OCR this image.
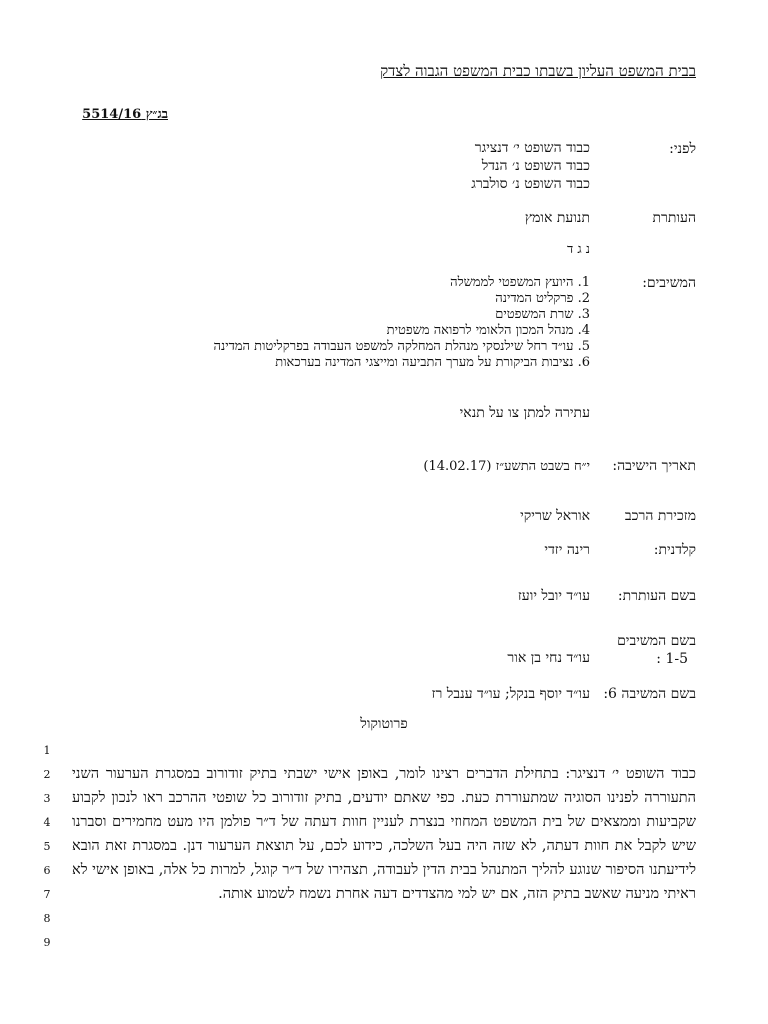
בבית המשפט העליון בשבתו כבית המשפט הגבוה לצדק
בג״ץ 5514/16
לפני:
כבוד השופט י׳ דנציגר
כבוד השופט נ׳ הנדל
כבוד השופט נ׳ סולברג
העותרת
תנועת אומץ
נ ג ד
המשיבים:
1. היועץ המשפטי לממשלה
2. פרקליט המדינה
3. שרת המשפטים
4. מנהל המכון הלאומי לרפואה משפטית
5. עו״ד רחל שילנסקי מנהלת המחלקה למשפט העבודה בפרקליטות המדינה
6. נציבות הביקורת על מערך התביעה ומייצגי המדינה בערכאות
עתירה למתן צו על תנאי
תאריך הישיבה:
י״ח בשבט התשע״ז (14.02.17)
מזכירת הרכב
אוראל שריקי
קלדנית:
רינה יזדי
בשם העותרת:
עו״ד יובל יועז
בשם המשיבים
1-5 :
עו״ד נחי בן אור
בשם המשיבה 6:
עו״ד יוסף בנקל; עו״ד ענבל רז
פרוטוקול
1
2
3
4
5
6
7
8
9
כבוד השופט י׳ דנציגר: בתחילת הדברים רצינו לומר, באופן אישי ישבתי בתיק זודורוב במסגרת הערעור השני התעוררה לפנינו הסוגיה שמתעוררת כעת. כפי שאתם יודעים, בתיק זודורוב כל שופטי ההרכב ראו לנכון לקבוע שקביעות וממצאים של בית המשפט המחוזי בנצרת לעניין חוות דעתה של ד״ר פולמן היו מעט מחמירים וסברנו שיש לקבל את חוות דעתה, לא שזה היה בעל השלכה, כידוע לכם, על תוצאת הערעור דנן. במסגרת זאת הובא לידיעתנו הסיפור שנוגע להליך המתנהל בבית הדין לעבודה, תצהירו של ד״ר קוגל, למרות כל אלה, באופן אישי לא ראיתי מניעה שאשב בתיק הזה, אם יש למי מהצדדים דעה אחרת נשמח לשמוע אותה.
